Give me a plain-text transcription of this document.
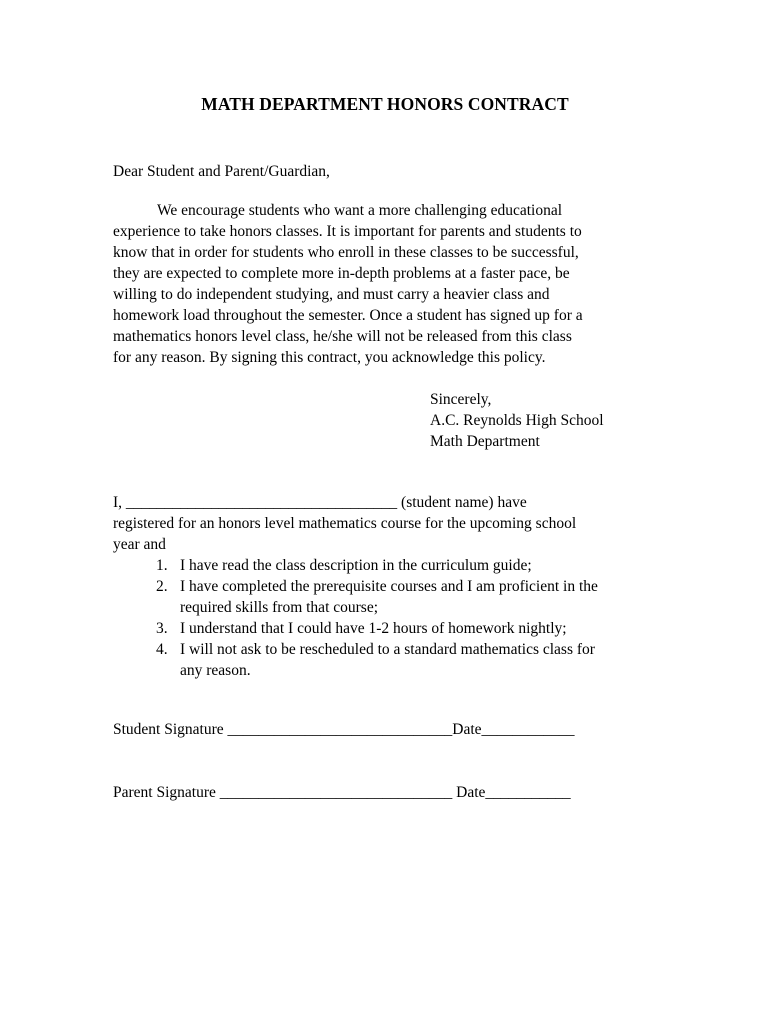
MATH DEPARTMENT HONORS CONTRACT
Dear Student and Parent/Guardian,
We encourage students who want a more challenging educational
experience to take honors classes. It is important for parents and students to
know that in order for students who enroll in these classes to be successful,
they are expected to complete more in-depth problems at a faster pace, be
willing to do independent studying, and must carry a heavier class and
homework load throughout the semester. Once a student has signed up for a
mathematics honors level class, he/she will not be released from this class
for any reason. By signing this contract, you acknowledge this policy.
Sincerely,
A.C. Reynolds High School
Math Department
I, ___________________________________ (student name) have
registered for an honors level mathematics course for the upcoming school
year and
1. I have read the class description in the curriculum guide;
2. I have completed the prerequisite courses and I am proficient in the
required skills from that course;
3. I understand that I could have 1-2 hours of homework nightly;
4. I will not ask to be rescheduled to a standard mathematics class for
any reason.
Student Signature _____________________________Date____________
Parent Signature ______________________________ Date___________
